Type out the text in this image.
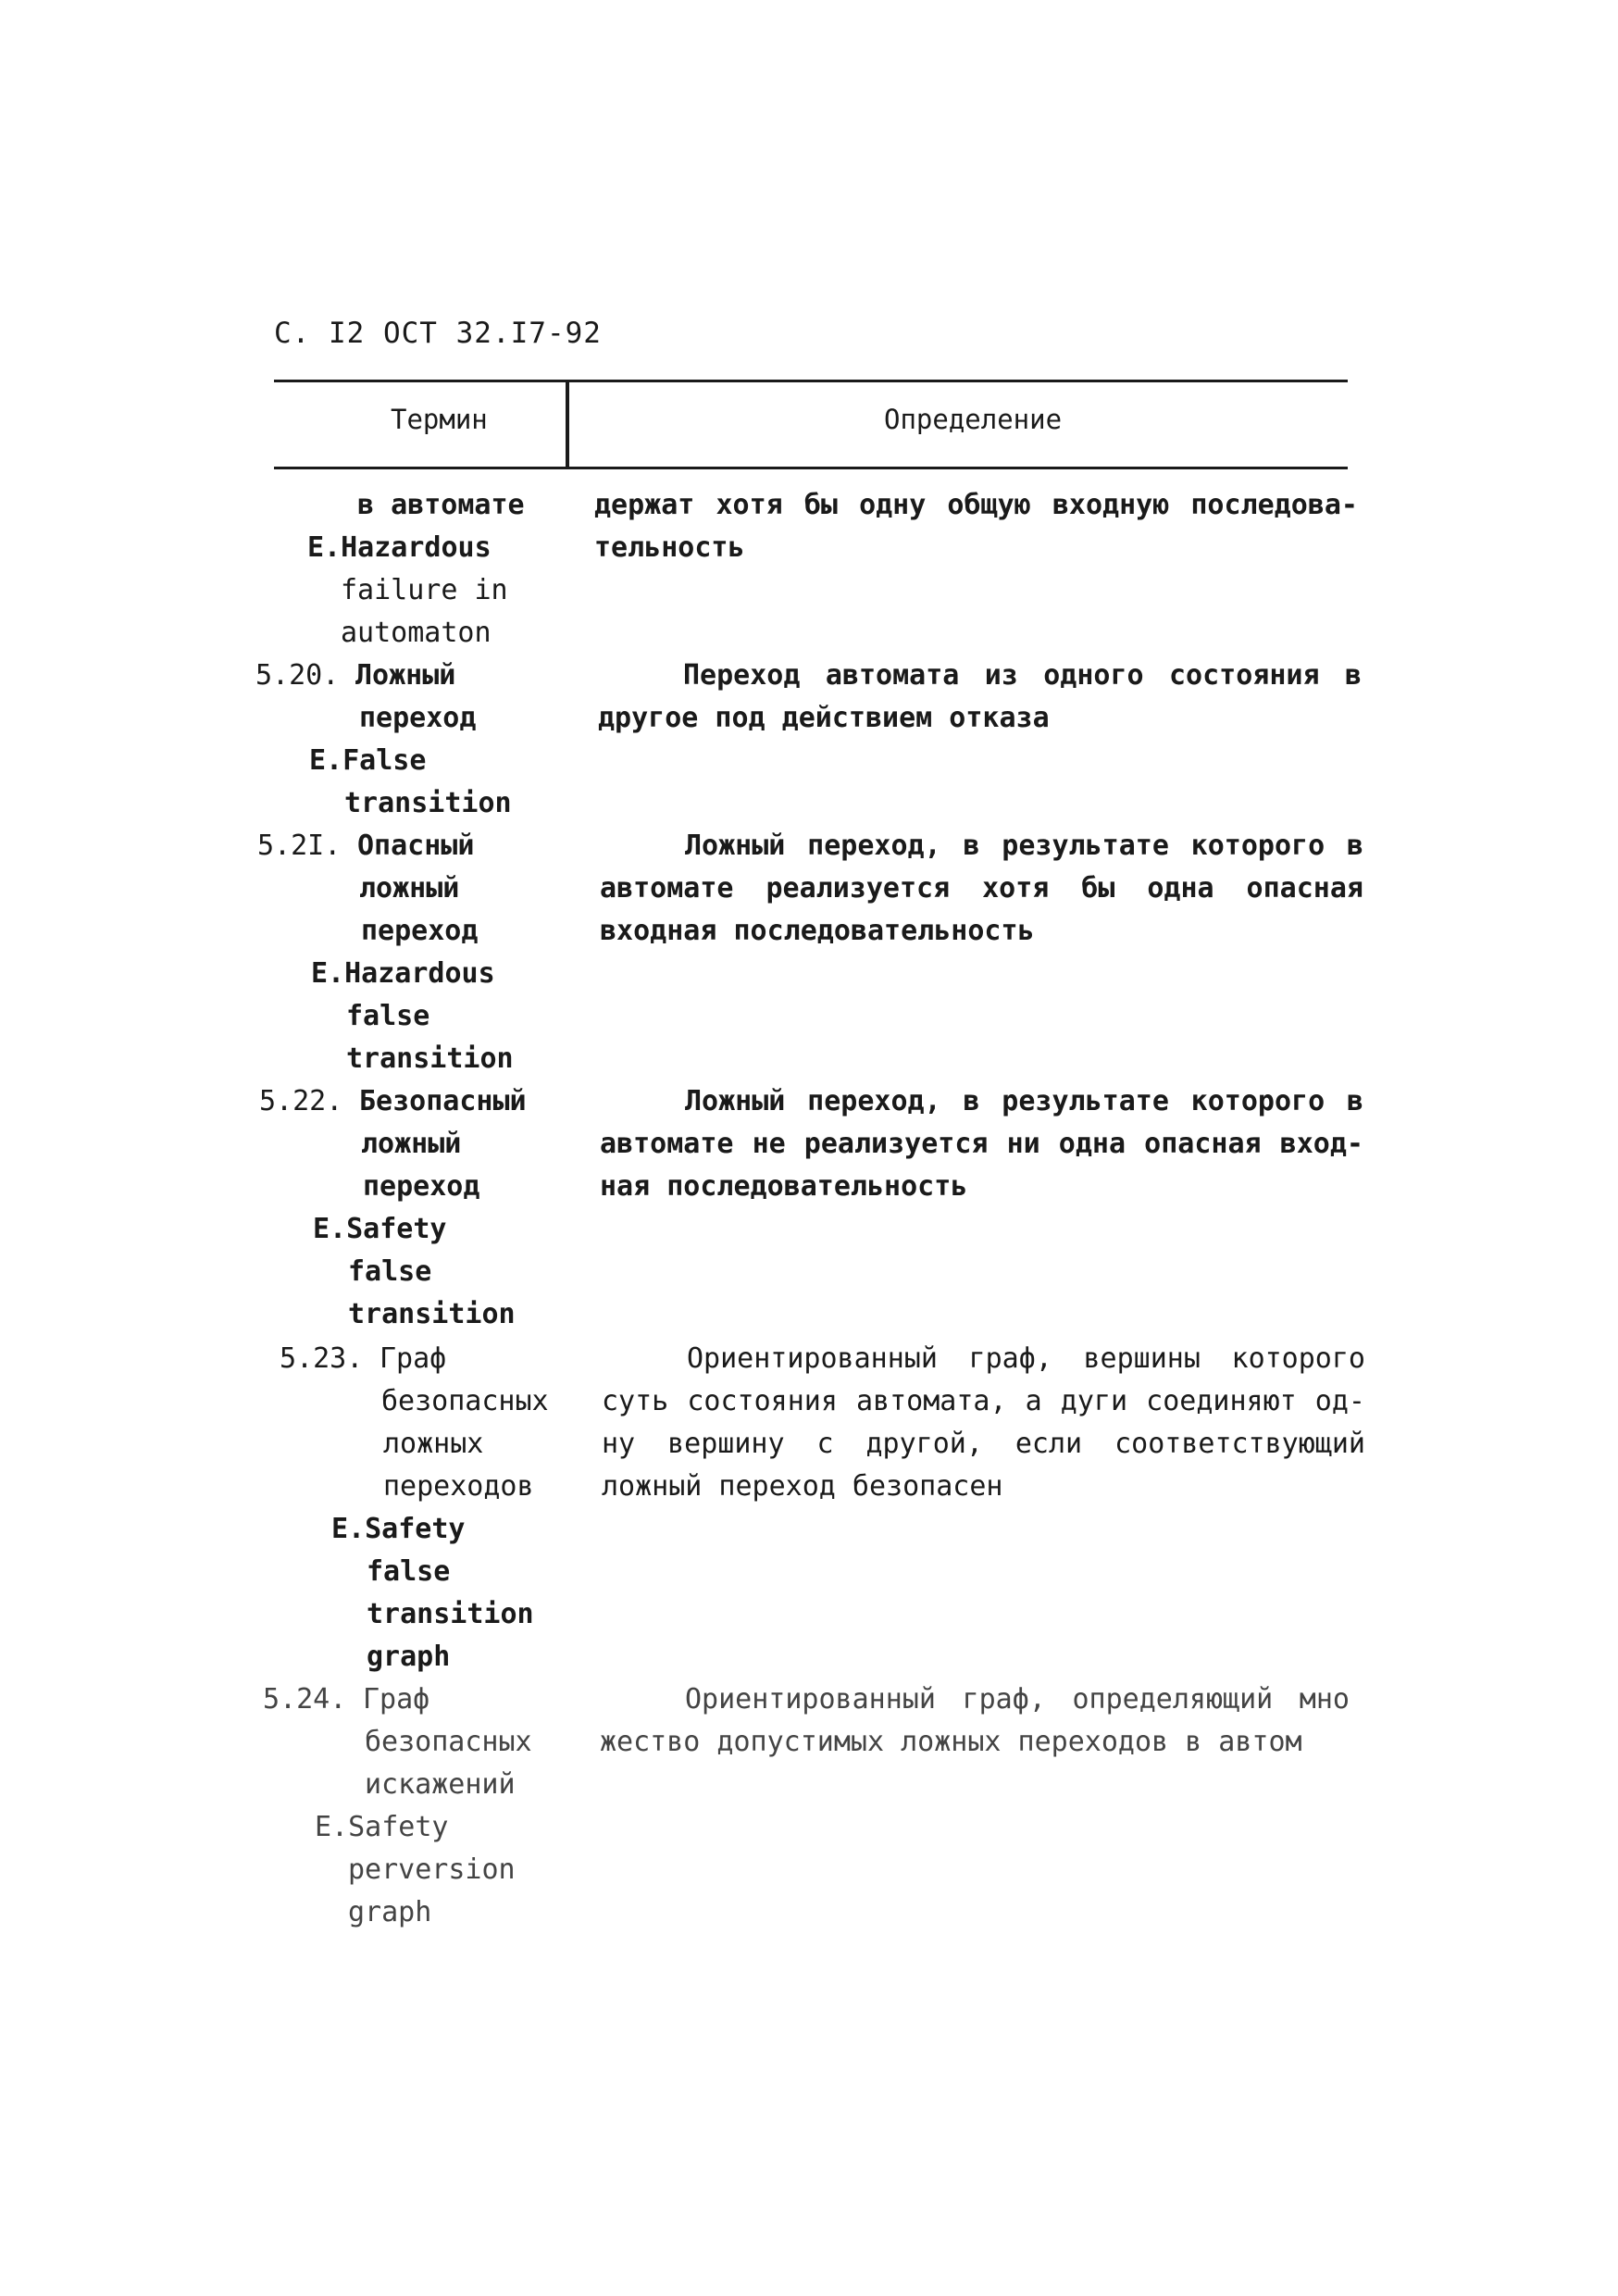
С. I2 ОСТ 32.I7-92
Термин	Определение
в автомате
E.Hazardous
failure in
automaton
держат хотя бы одну общую входную последова-
тельность
5.20. Ложный
переход
E.False
transition
Переход автомата из одного состояния в
другое под действием отказа
5.2I. Опасный
ложный
переход
E.Hazardous
false
transition
Ложный переход, в результате которого в
автомате реализуется хотя бы одна опасная
входная последовательность
5.22. Безопасный
ложный
переход
E.Safety
false
transition
Ложный переход, в результате которого в
автомате не реализуется ни одна опасная вход-
ная последовательность
5.23. Граф
безопасных
ложных
переходов
E.Safety
false
transition
graph
Ориентированный граф, вершины которого
суть состояния автомата, а дуги соединяют од-
ну вершину с другой, если соответствующий
ложный переход безопасен
5.24. Граф
безопасных
искажений
E.Safety
perversion
graph
Ориентированный граф, определяющий мно
жество допустимых ложных переходов в автом
